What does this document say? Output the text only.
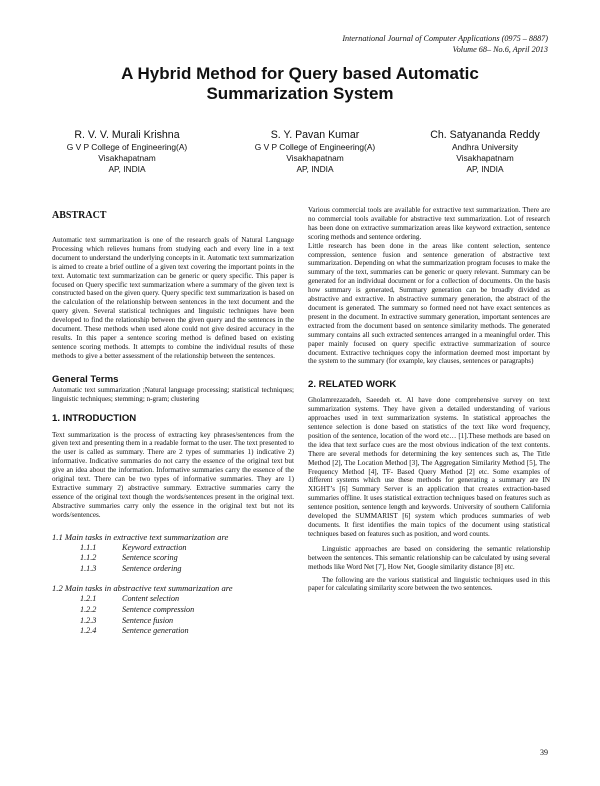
International Journal of Computer Applications (0975 – 8887)
Volume 68– No.6, April 2013
A Hybrid Method for Query based Automatic
Summarization System
R. V. V. Murali Krishna
G V P College of Engineering(A)
Visakhapatnam
AP, INDIA
S. Y. Pavan Kumar
G V P College of Engineering(A)
Visakhapatnam
AP, INDIA
Ch. Satyananda Reddy
Andhra University
Visakhapatnam
AP, INDIA
ABSTRACT

Automatic text summarization is one of the research goals of Natural Language Processing which relieves humans from studying each and every line in a text document to understand the underlying concepts in it. Automatic text summarization is aimed to create a brief outline of a given text covering the important points in the text. Automatic text summarization can be generic or query specific. This paper is focused on Query specific text summarization where a summary of the given text is constructed based on the given query. Query specific text summarization is based on the calculation of the relationship between sentences in the text document and the query given. Several statistical techniques and linguistic techniques have been developed to find the relationship between the given query and the sentences in the document. These methods when used alone could not give desired accuracy in the results. In this paper a sentence scoring method is defined based on existing sentence scoring methods. It attempts to combine the individual results of these methods to give a better assessment of the relationship between the sentences.

General Terms

Automatic text summarization ;Natural language processing; statistical techniques; linguistic techniques; stemming; n-gram; clustering

1. INTRODUCTION

Text summarization is the process of extracting key phrases/sentences from the given text and presenting them in a readable format to the user. The text presented to the user is called as summary. There are 2 types of summaries 1) indicative 2) informative. Indicative summaries do not carry the essence of the original text but give an idea about the information. Informative summaries carry the essence of the original text. There can be two types of informative summaries. They are 1) Extractive summary 2) abstractive summary. Extractive summaries carry the essence of the original text though the words/sentences present in the original text. Abstractive summaries carry only the essence in the original text but not its words/sentences.

1.1 Main tasks in extractive text summarization are

1.1.1	Keyword extraction
1.1.2	Sentence scoring
1.1.3	Sentence ordering

1.2 Main tasks in abstractive text summarization are

1.2.1	Content selection
1.2.2	Sentence compression
1.2.3	Sentence fusion
1.2.4	Sentence generation

Various commercial tools are available for extractive text summarization. There are no commercial tools available for abstractive text summarization. Lot of research has been done on extractive summarization areas like keyword extraction, sentence scoring methods and sentence ordering.

Little research has been done in the areas like content selection, sentence compression, sentence fusion and sentence generation of abstractive text summarization. Depending on what the summarization program focuses to make the summary of the text, summaries can be generic or query relevant. Summary can be generated for an individual document or for a collection of documents. On the basis how summary is generated, Summary generation can be broadly divided as abstractive and extractive. In abstractive summary generation, the abstract of the document is generated. The summary so formed need not have exact sentences as present in the document. In extractive summary generation, important sentences are extracted from the document based on sentence similarity methods. The generated summary contains all such extracted sentences arranged in a meaningful order. This paper mainly focused on query specific extractive summarization of source document. Extractive techniques copy the information deemed most important by the system to the summary (for example, key clauses, sentences or paragraphs)

2. RELATED WORK

Gholamrezazadeh, Saeedeh et. Al have done comprehensive survey on text summarization systems. They have given a detailed understanding of various approaches used in text summarization systems. In statistical approaches the sentence selection is done based on statistics of the text like word frequency, position of the sentence, location of the word etc… [1].These methods are based on the idea that text surface cues are the most obvious indication of the text contents. There are several methods for determining the key sentences such as, The Title Method [2], The Location Method [3], The Aggregation Similarity Method [5], The Frequency Method [4], TF- Based Query Method [2] etc. Some examples of different systems which use these methods for generating a summary are IN XIGHT’s [6] Summary Server is an application that creates extraction-based summaries offline. It uses statistical extraction techniques based on features such as sentence position, sentence length and keywords. University of southern California developed the SUMMARIST [6] system which produces summaries of web documents. It first identifies the main topics of the document using statistical techniques based on features such as position, and word counts.

Linguistic approaches are based on considering the semantic relationship between the sentences. This semantic relationship can be calculated by using several methods like Word Net [7], How Net, Google similarity distance [8] etc.

The following are the various statistical and linguistic techniques used in this paper for calculating similarity score between the two sentences.

39
